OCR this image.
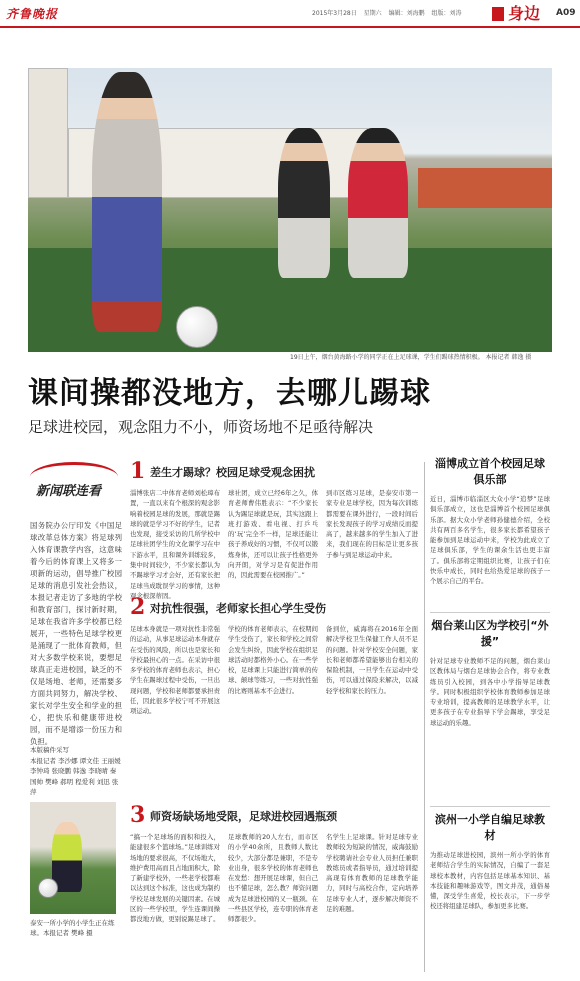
齐鲁晚报	2015年3月28日 星期六 编辑：刘海鹏 组版：刘涛	身边	A09
19日上午，烟台黄海路小学的同学正在上足球课，学生们踢球热情积极。 本报记者 韩逸 摄
课间操都没地方，去哪儿踢球
足球进校园，观念阻力不小，师资场地不足亟待解决
新闻联连看
国务院办公厅印发《中国足球改革总体方案》将足球列入体育课教学内容，这意味着今后的体育课上又将多一项新的运动，倡导推广校园足球的消息引发社会热议，本报记者走访了多地的学校和教育部门，探讨新时期，足球在我省许多学校都已经展开，一些特色足球学校更是涌现了一批体育教师，但对大多数学校来说，要想足球真正走进校园，缺乏的不仅是场地、老师，还需要多方面共同努力，解决学校、家长对学生安全和学业的担心，把快乐和健康带进校园，而不是增添一份压力和负担。
本版稿件采写
本报记者 李沙娜 谭文佳 王丽媛 李钟琦 张晓鹏 韩逸 李晓晴 秦国帅 樊峰 郝明 程爱利 刘迅 张萍
泰安一所小学的小学生正在练球。本报记者 樊峰 摄
1 差生才踢球？校园足球受观念困扰
淄博张店二中体育老师刘松璋布置，一直以来有个根深的观念影响着校园足球的发展，那就是踢球的就是学习不好的学生，记者也发现，接受采访的几所学校中足球社团学生的文化课学习在中下游水平，且和课外训练较多，集中时间较少，不少家长都认为不踢球学习才会好，还有家长把足球当成耽误学习的事情，这种观念根深蒂固。
球社团，成立已经6年之久，体育老师曹伟胜表示：“不少家长认为踢足球就是玩，其实这跟上班打游戏、看电视、打乒乓的‘玩’完全不一样，足球还能让孩子养成好的习惯，不仅可以锻炼身体，还可以让孩子性格更外向开朗，对学习是有促进作用的，因此需要在校园推广。”
到市区练习足球，是泰安市第一家专业足球学校，因为每次训练都需要在课外进行，一段时间后家长发现孩子的学习成绩反而提高了，越来越多的学生加入了进来，我们现在的目标是让更多孩子参与到足球运动中来。
2 对抗性很强，老师家长担心学生受伤
足球本身就是一项对抗性非常强的运动，从事足球运动本身就存在受伤的风险，所以也是家长和学校最担心的一点。在采访中很多学校的体育老师也表示，担心学生在踢球过程中受伤，一旦出现问题，学校和老师都要承担责任，因此很多学校宁可不开展这项运动。
学校的体育老师表示，在校期间学生受伤了，家长和学校之间常会发生纠纷，因此学校在组织足球活动时都格外小心。在一些学校，足球课上只能进行简单的传球、颠球等练习，一些对抗性强的比赛则基本不会进行。
备到位，威海将在2016年全面解决学校卫生保健工作人员不足的问题。针对学校安全问题，家长和老师都希望能够出台相关的保险机制，一旦学生在运动中受伤，可以通过保险来解决，以减轻学校和家长的压力。
3 师资场缺场地受限，足球进校园遇瓶颈
“搞一个足球场的面积和投入，能建很多个篮球场。”足球训练对场地的要求很高，不仅场地大，维护费用高而且占地面积大，除了新建学校外，一些老学校都难以达到这个标准，这也成为制约学校足球发展的关键因素。在城区的一些学校里，学生连课间操都没地方做，更别说踢足球了。
足球教师的20人左右，而市区的小学40余所，且教师人数比较少，大部分都是兼职，不是专业出身，很多学校的体育老师也在发愁：想开展足球课，但自己也不懂足球，怎么教？师资问题成为足球进校园的又一瓶颈。在一些县区学校，连专职的体育老师都很少。
名学生上足球课。针对足球专业教师较为短缺的情况，威海鼓励学校聘请社会专业人员担任兼职教练员或者指导员，通过培训提高现有体育教师的足球教学能力，同时与高校合作，定向培养足球专业人才，逐步解决师资不足的难题。
淄博成立首个校园足球俱乐部
近日，淄博市临淄区大众小学“追梦”足球俱乐部成立，这也是淄博首个校园足球俱乐部。据大众小学老师孙健德介绍，全校共有两百多名学生，很多家长都希望孩子能参加到足球运动中来，学校为此成立了足球俱乐部，学生的课余生活也更丰富了。俱乐部将定期组织比赛，让孩子们在快乐中成长，同时也给热爱足球的孩子一个展示自己的平台。
烟台莱山区为学校引“外援”
针对足球专业教师不足的问题，烟台莱山区教体局与烟台足球协会合作，将专业教练员引入校园，到各中小学指导足球教学。同时积极组织学校体育教师参加足球专业培训，提高教师的足球教学水平，让更多孩子在专业指导下学会踢球，享受足球运动的乐趣。
滨州一小学自编足球教材
为推动足球进校园，滨州一所小学的体育老师结合学生的实际情况，自编了一套足球校本教材，内容包括足球基本知识、基本技能和趣味游戏等，图文并茂，通俗易懂，深受学生喜爱，校长表示，下一步学校还将组建足球队，参加更多比赛。
